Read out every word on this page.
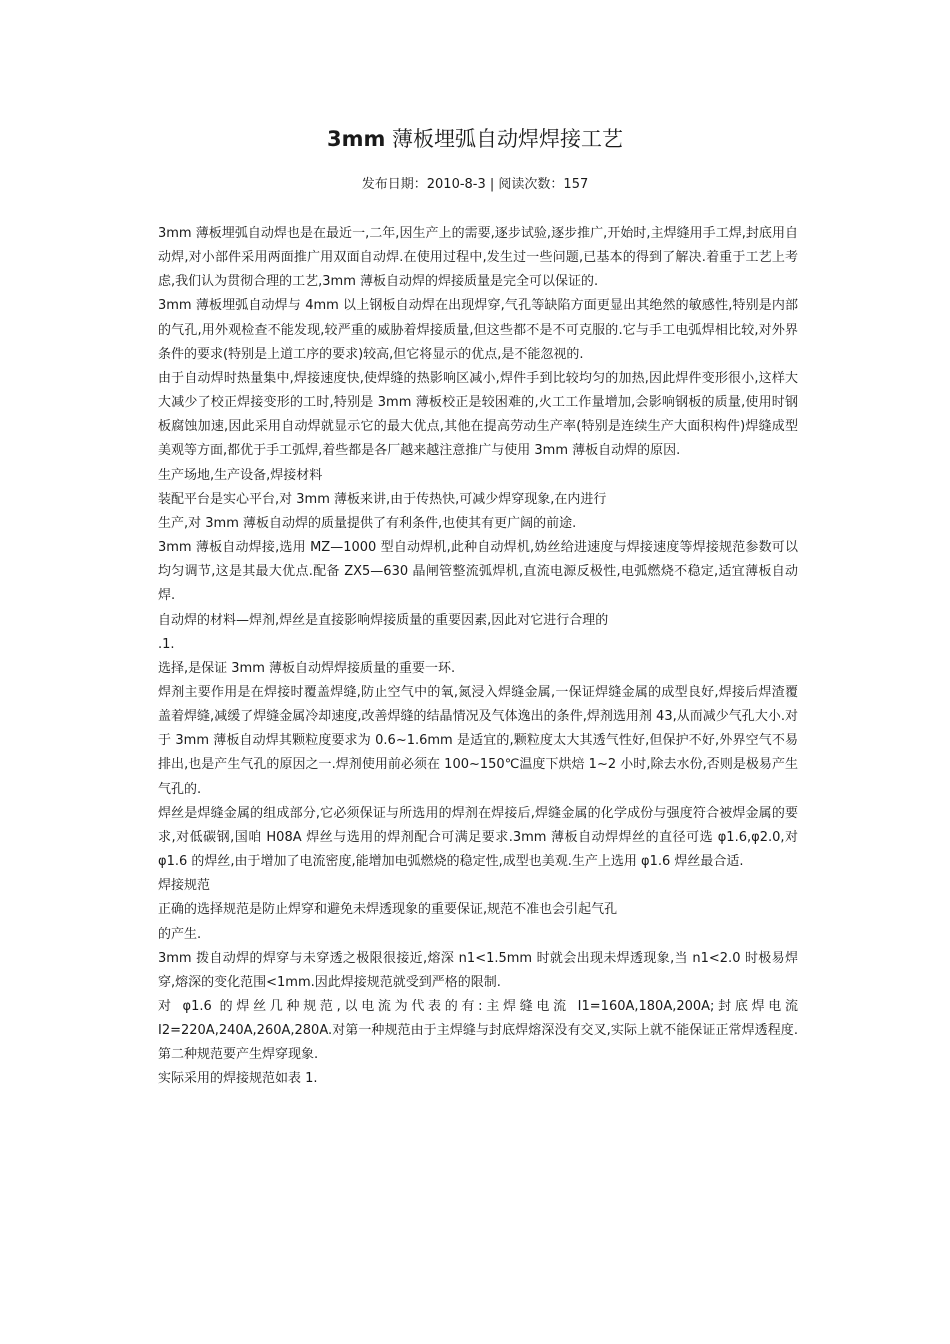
3mm 薄板埋弧自动焊焊接工艺
发布日期：2010-8-3 | 阅读次数：157

3mm 薄板埋弧自动焊也是在最近一,二年,因生产上的需要,逐步试验,逐步推广,开始时,主焊缝用手工焊,封底用自动焊,对小部件采用两面推广用双面自动焊.在使用过程中,发生过一些问题,已基本的得到了解决.着重于工艺上考虑,我们认为贯彻合理的工艺,3mm 薄板自动焊的焊接质量是完全可以保证的.

3mm 薄板埋弧自动焊与 4mm 以上钢板自动焊在出现焊穿,气孔等缺陷方面更显出其绝然的敏感性,特别是内部的气孔,用外观检查不能发现,较严重的威胁着焊接质量,但这些都不是不可克服的.它与手工电弧焊相比较,对外界条件的要求(特别是上道工序的要求)较高,但它将显示的优点,是不能忽视的.

由于自动焊时热量集中,焊接速度快,使焊缝的热影响区减小,焊件手到比较均匀的加热,因此焊件变形很小,这样大大减少了校正焊接变形的工时,特别是 3mm 薄板校正是较困难的,火工工作量增加,会影响钢板的质量,使用时钢板腐蚀加速,因此采用自动焊就显示它的最大优点,其他在提高劳动生产率(特别是连续生产大面积构件)焊缝成型美观等方面,都优于手工弧焊,着些都是各厂越来越注意推广与使用 3mm 薄板自动焊的原因.

生产场地,生产设备,焊接材料

装配平台是实心平台,对 3mm 薄板来讲,由于传热快,可减少焊穿现象,在内进行

生产,对 3mm 薄板自动焊的质量提供了有利条件,也使其有更广阔的前途.

3mm 薄板自动焊接,选用 MZ—1000 型自动焊机,此种自动焊机,妫丝给进速度与焊接速度等焊接规范参数可以均匀调节,这是其最大优点.配备 ZX5—630 晶闸管整流弧焊机,直流电源反极性,电弧燃烧不稳定,适宜薄板自动焊.

自动焊的材料—焊剂,焊丝是直接影响焊接质量的重要因素,因此对它进行合理的

.1.

选择,是保证 3mm 薄板自动焊焊接质量的重要一环.

焊剂主要作用是在焊接时覆盖焊缝,防止空气中的氧,氮浸入焊缝金属,一保证焊缝金属的成型良好,焊接后焊渣覆盖着焊缝,减缓了焊缝金属冷却速度,改善焊缝的结晶情况及气体逸出的条件,焊剂选用剂 43,从而减少气孔大小.对于 3mm 薄板自动焊其颗粒度要求为 0.6~1.6mm 是适宜的,颗粒度太大其透气性好,但保护不好,外界空气不易排出,也是产生气孔的原因之一.焊剂使用前必须在 100~150℃温度下烘焙 1~2 小时,除去水份,否则是极易产生气孔的.

焊丝是焊缝金属的组成部分,它必须保证与所选用的焊剂在焊接后,焊缝金属的化学成份与强度符合被焊金属的要求,对低碳钢,国咱 H08A 焊丝与选用的焊剂配合可满足要求.3mm 薄板自动焊焊丝的直径可选 φ1.6,φ2.0,对 φ1.6 的焊丝,由于增加了电流密度,能增加电弧燃烧的稳定性,成型也美观.生产上选用 φ1.6 焊丝最合适.

焊接规范

正确的选择规范是防止焊穿和避免未焊透现象的重要保证,规范不准也会引起气孔

的产生.

3mm 拨自动焊的焊穿与未穿透之极限很接近,熔深 n1<1.5mm 时就会出现未焊透现象,当 n1<2.0 时极易焊穿,熔深的变化范围<1mm.因此焊接规范就受到严格的限制.

对 φ1.6 的焊丝几种规范,以电流为代表的有:主焊缝电流 I1=160A,180A,200A;封底焊电流 I2=220A,240A,260A,280A.对第一种规范由于主焊缝与封底焊熔深没有交叉,实际上就不能保证正常焊透程度.第二种规范要产生焊穿现象.

实际采用的焊接规范如表 1.
